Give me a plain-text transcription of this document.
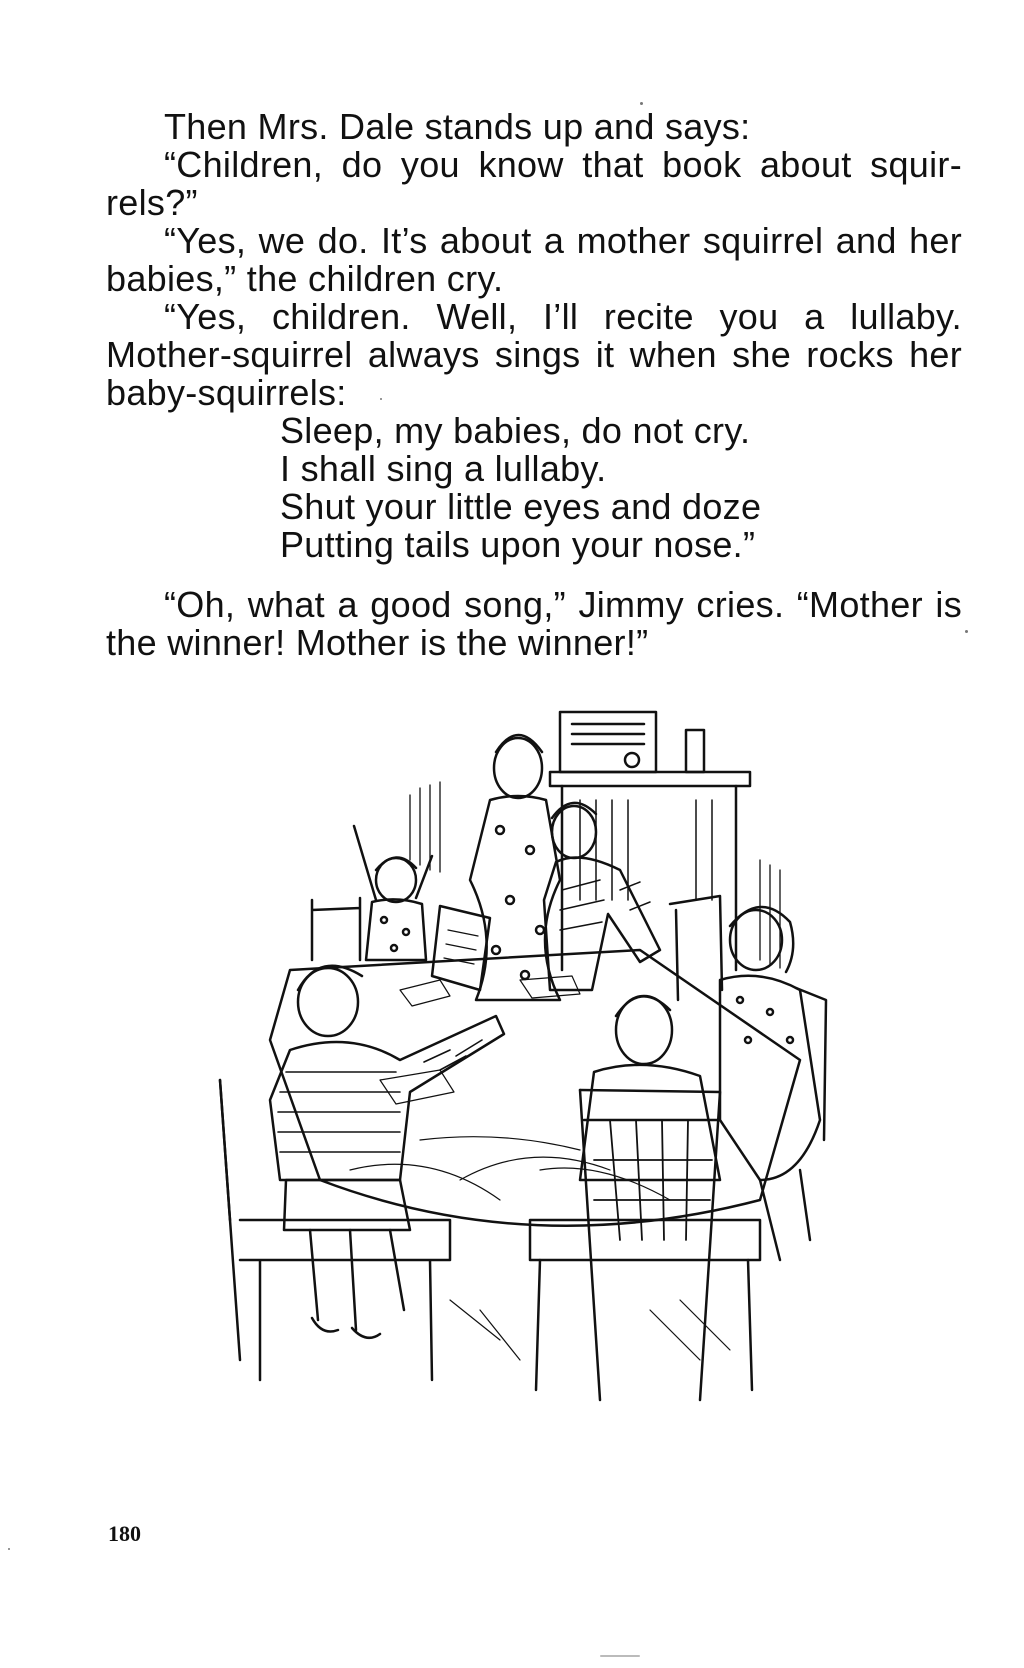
Then Mrs. Dale stands up and says:

“Children, do you know that book about squir-rels?”

“Yes, we do. It’s about a mother squirrel and her babies,” the children cry.

“Yes, children. Well, I’ll recite you a lullaby. Mother-squirrel always sings it when she rocks her baby-squirrels:

Sleep, my babies, do not cry.
I shall sing a lullaby.
Shut your little eyes and doze
Putting tails upon your nose.”

“Oh, what a good song,” Jimmy cries. “Mother is the winner! Mother is the winner!”

180
